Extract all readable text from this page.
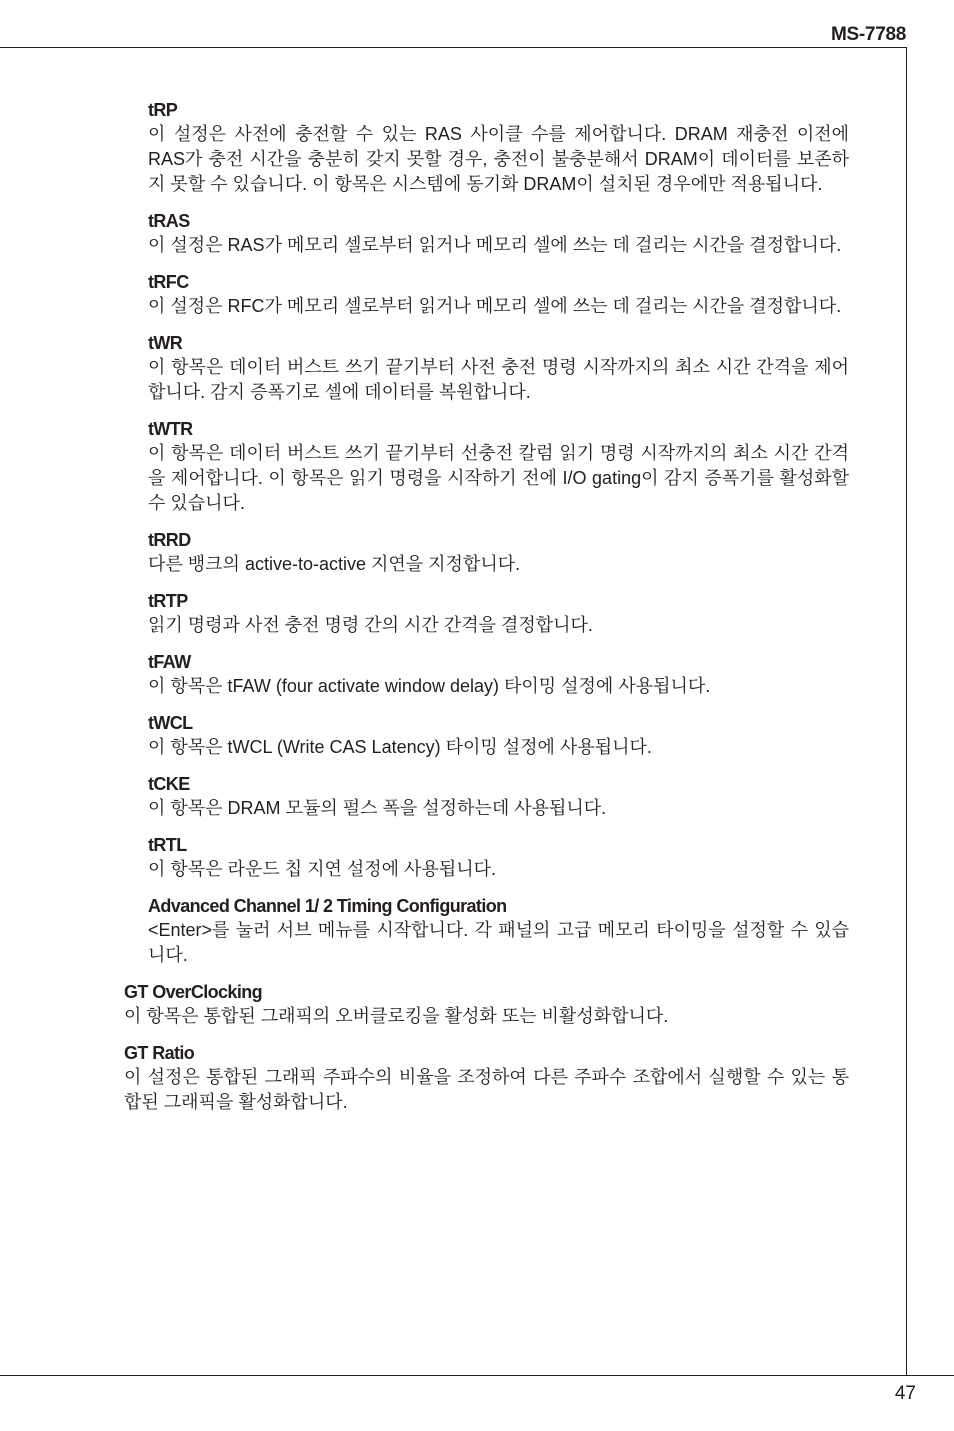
MS-7788
47
tRP
이 설정은 사전에 충전할 수 있는 RAS 사이클 수를 제어합니다. DRAM 재충전 이전에 RAS가 충전 시간을 충분히 갖지 못할 경우, 충전이 불충분해서 DRAM이 데이터를 보존하지 못할 수 있습니다. 이 항목은 시스템에 동기화 DRAM이 설치된 경우에만 적용됩니다.
tRAS
이 설정은 RAS가 메모리 셀로부터 읽거나 메모리 셀에 쓰는 데 걸리는 시간을 결정합니다.
tRFC
이 설정은 RFC가 메모리 셀로부터 읽거나 메모리 셀에 쓰는 데 걸리는 시간을 결정합니다.
tWR
이 항목은 데이터 버스트 쓰기 끝기부터 사전 충전 명령 시작까지의 최소 시간 간격을 제어합니다. 감지 증폭기로 셀에 데이터를 복원합니다.
tWTR
이 항목은 데이터 버스트 쓰기 끝기부터 선충전 칼럼 읽기 명령 시작까지의 최소 시간 간격을 제어합니다. 이 항목은 읽기 명령을 시작하기 전에 I/O gating이 감지 증폭기를 활성화할 수 있습니다.
tRRD
다른 뱅크의 active-to-active 지연을 지정합니다.
tRTP
읽기 명령과 사전 충전 명령 간의 시간 간격을 결정합니다.
tFAW
이 항목은 tFAW (four activate window delay) 타이밍 설정에 사용됩니다.
tWCL
이 항목은 tWCL (Write CAS Latency) 타이밍 설정에 사용됩니다.
tCKE
이 항목은 DRAM 모듈의 펄스 폭을 설정하는데 사용됩니다.
tRTL
이 항목은 라운드 칩 지연 설정에 사용됩니다.
Advanced Channel 1/ 2 Timing Configuration
<Enter>를 눌러 서브 메뉴를 시작합니다. 각 패널의 고급 메모리 타이밍을 설정할 수 있습니다.
GT OverClocking
이 항목은 통합된 그래픽의 오버클로킹을 활성화 또는 비활성화합니다.
GT Ratio
이 설정은 통합된 그래픽 주파수의 비율을 조정하여 다른 주파수 조합에서 실행할 수 있는 통합된 그래픽을 활성화합니다.
